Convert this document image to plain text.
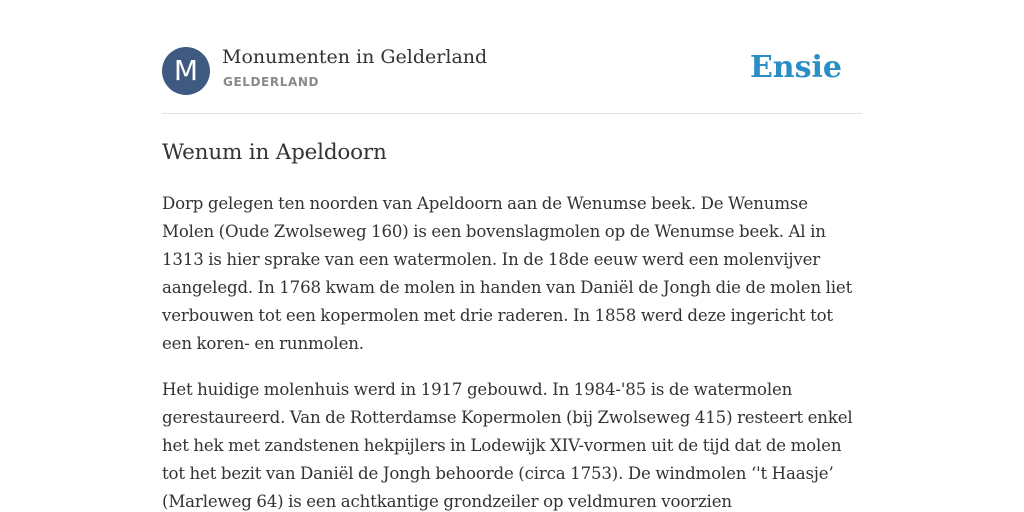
M	Monumenten in Gelderland
GELDERLAND	Ensie
Wenum in Apeldoorn

Dorp gelegen ten noorden van Apeldoorn aan de Wenumse beek. De Wenumse Molen (Oude Zwolseweg 160) is een bovenslagmolen op de Wenumse beek. Al in 1313 is hier sprake van een watermolen. In de 18de eeuw werd een molenvijver aangelegd. In 1768 kwam de molen in handen van Daniël de Jongh die de molen liet verbouwen tot een kopermolen met drie raderen. In 1858 werd deze ingericht tot een koren- en runmolen.

Het huidige molenhuis werd in 1917 gebouwd. In 1984-'85 is de watermolen gerestaureerd. Van de Rotterdamse Kopermolen (bij Zwolseweg 415) resteert enkel het hek met zandstenen hekpijlers in Lodewijk XIV-vormen uit de tijd dat de molen tot het bezit van Daniël de Jongh behoorde (circa 1753). De windmolen ‘'t Haasje’ (Marleweg 64) is een achtkantige grondzeiler op veldmuren voorzien
